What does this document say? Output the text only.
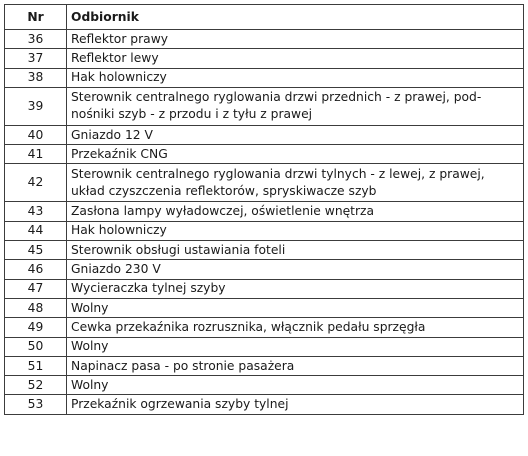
Nr	Odbiornik
36	Reflektor prawy
37	Reflektor lewy
38	Hak holowniczy
39	Sterownik centralnego ryglowania drzwi przednich - z prawej, pod-
nośniki szyb - z przodu i z tyłu z prawej
40	Gniazdo 12 V
41	Przekaźnik CNG
42	Sterownik centralnego ryglowania drzwi tylnych - z lewej, z prawej,
układ czyszczenia reflektorów, spryskiwacze szyb
43	Zasłona lampy wyładowczej, oświetlenie wnętrza
44	Hak holowniczy
45	Sterownik obsługi ustawiania foteli
46	Gniazdo 230 V
47	Wycieraczka tylnej szyby
48	Wolny
49	Cewka przekaźnika rozrusznika, włącznik pedału sprzęgła
50	Wolny
51	Napinacz pasa - po stronie pasażera
52	Wolny
53	Przekaźnik ogrzewania szyby tylnej
